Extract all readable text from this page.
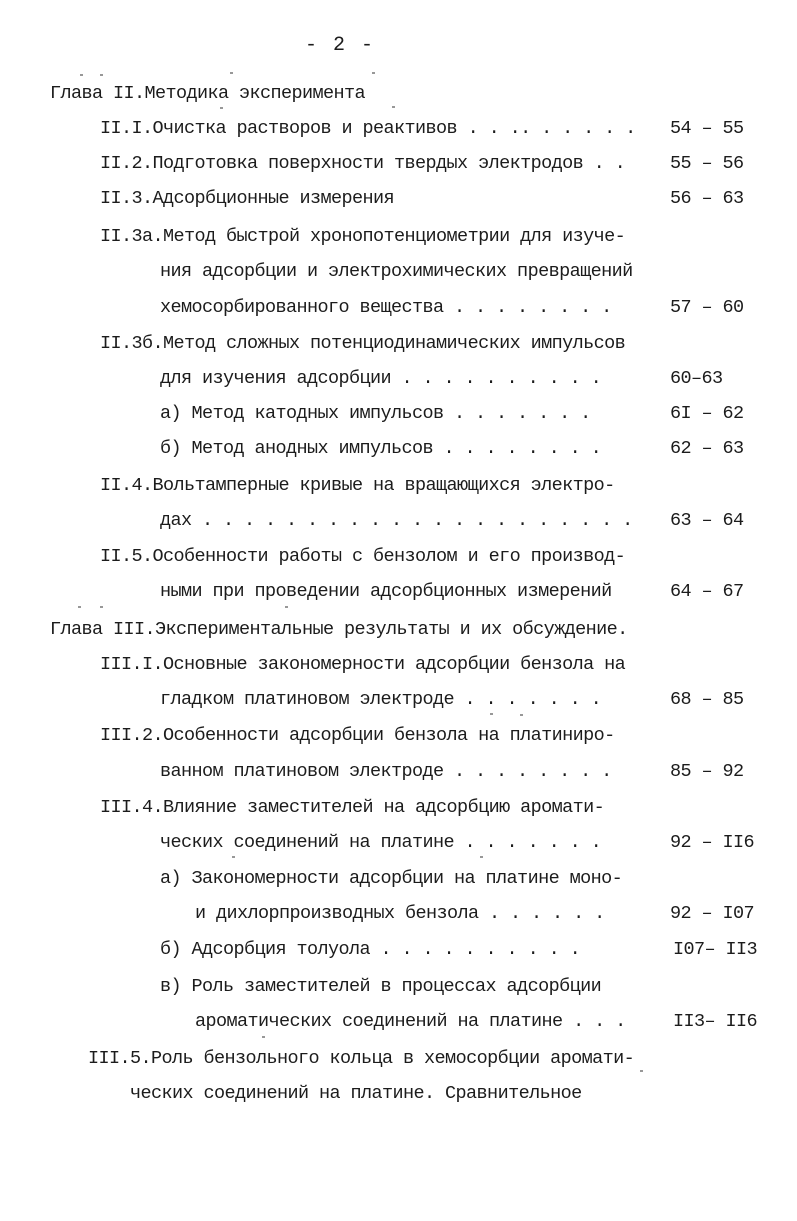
- 2 -
Глава II.Методика эксперимента
II.I.Очистка растворов и реактивов . . .. . . . . . 54 – 55
II.2.Подготовка поверхности твердых электродов . . 55 – 56
II.3.Адсорбционные измерения	56 – 63
II.3а.Метод быстрой хронопотенциометрии для изуче-
ния адсорбции и электрохимических превращений
хемосорбированного вещества . . . . . . . .	57 – 60
II.3б.Метод сложных потенциодинамических импульсов
для изучения адсорбции . . . . . . . . . .	60–63
а) Метод катодных импульсов . . . . . . .	6I – 62
б) Метод анодных импульсов . . . . . . . .	62 – 63
II.4.Вольтамперные кривые на вращающихся электро-
дах . . . . . . . . . . . . . . . . . . . . . 63 – 64
II.5.Особенности работы с бензолом и его производ-
ными при проведении адсорбционных измерений	64 – 67
Глава III.Экспериментальные результаты и их обсуждение.
III.I.Основные закономерности адсорбции бензола на
гладком платиновом электроде . . . . . . .	68 – 85
III.2.Особенности адсорбции бензола на платиниро-
ванном платиновом электроде . . . . . . . .	85 – 92
III.4.Влияние заместителей на адсорбцию аромати-
ческих соединений на платине . . . . . . .	92 – II6
а) Закономерности адсорбции на платине моно-
и дихлорпроизводных бензола . . . . . .	92 – I07
б) Адсорбция толуола . . . . . . . . . .	I07– II3
в) Роль заместителей в процессах адсорбции
ароматических соединений на платине . . .	II3– II6
III.5.Роль бензольного кольца в хемосорбции аромати-
ческих соединений на платине. Сравнительное
